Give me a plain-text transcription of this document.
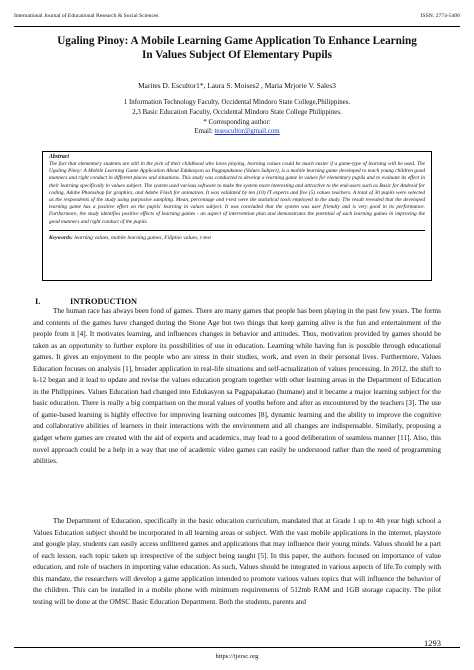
International Journal of Educational Research & Social Sciences	ISSN: 2774-5406
Ugaling Pinoy: A Mobile Learning Game Application To Enhance Learning
In Values Subject Of Elementary Pupils
Marites D. Escultor1*, Laura S. Moises2 , Maria Mrjorie V. Sales3
1 Information Technology Faculty, Occidental Mindoro State College,Philippines.
2,3 Basic Education Faculty, Occidental Mindoro State College Philippines.
* Corresponding author:
Email: tesescultor@gmail.com

Abstract

The fact that elementary students are still in the pick of their childhood who loves playing, learning values could be much easier if a game-type of learning will be used. The Ugaling Pinoy: A Mobile Learning Game Application About Edukasyon sa Pagpapakatao (Values Subject), is a mobile learning game developed to teach young children good manners and right conduct in different places and situations. This study was conducted to develop a learning game in values for elementary pupils and to evaluate its effect in their learning specifically in values subject. The system used various software to make the system more interesting and attractive to the end-users such as Basic for Android for coding, Adobe Photoshop for graphics, and Adobe Flash for animation. It was validated by ten (10) IT experts and five (5) values teachers. A total of 30 pupils were selected as the respondents of the study using purposive sampling. Mean, percentage and t-test were the statistical tools employed in the study. The result revealed that the developed learning game has a positive effect on the pupils' learning in values subject. It was concluded that the system was user friendly and is very good in its performance. Furthermore, the study identifies positive effects of learning games - an aspect of intervention plan and demonstrates the potential of such learning games in improving the good manners and right conduct of the pupils.

Keywords: learning values, mobile learning games, Filipino values, t-test

I.	INTRODUCTION

The human race has always been fond of games. There are many games that people has been playing in the past few years. The forms and contents of the games have changed during the Stone Age but two things that keep gaming alive is the fun and entertainment of the people from it [4]. It motivates learning, and influences changes in behavior and attitudes. Thus, motivation provided by games should be taken as an opportunity to further explore its possibilities of use in education. Learning while having fun is possible through educational games. It gives an enjoyment to the people who are stress in their studies, work, and even in their personal lives. Furthermore, Values Education focuses on analysis [1], broader application in real-life situations and self-actualization of values processing. In 2012, the shift to k-12 began and it lead to update and revise the values education program together with other learning areas in the Department of Education in the Philippines. Values Education had changed into Edukasyon sa Pagpapakatao (humane) and it became a major learning subject for the basic education. There is really a big comparison on the moral values of youths before and after as encountered by the teachers [3]. The use of game-based learning is highly effective for improving learning outcomes [8], dynamic learning and the ability to improve the cognitive and collaborative abilities of learners in their interactions with the environment and all changes are indispensable. Similarly, proposing a gadget where games are created with the aid of experts and academics, may lead to a good deliberation of seamless manner [11]. Also, this novel approach could be a help in a way that use of academic video games can easily be understood rather than the need of programming abilities.

The Department of Education, specifically in the basic education curriculum, mandated that at Grade 1 up to 4th year high school a Values Education subject should be incorporated in all learning areas or subject. With the vast mobile applications in the internet, playstore and google play, students can easily access unfiltered games and applications that may influence their young minds. Values should be a part of each lesson, each topic taken up irrespective of the subject being taught [5]. In this paper, the authors focused on importance of value education, and role of teachers in importing value education. As such, Values should be integrated in various aspects of life.To comply with this mandate, the researchers will develop a game application intended to promote various values topics that will influence the behavior of the children. This can be installed in a mobile phone with minimum requirements of 512mb RAM and 1GB storage capacity. The pilot testing will be done at the OMSC Basic Education Department. Both the students, parents and

1293
https://ijersc.org
